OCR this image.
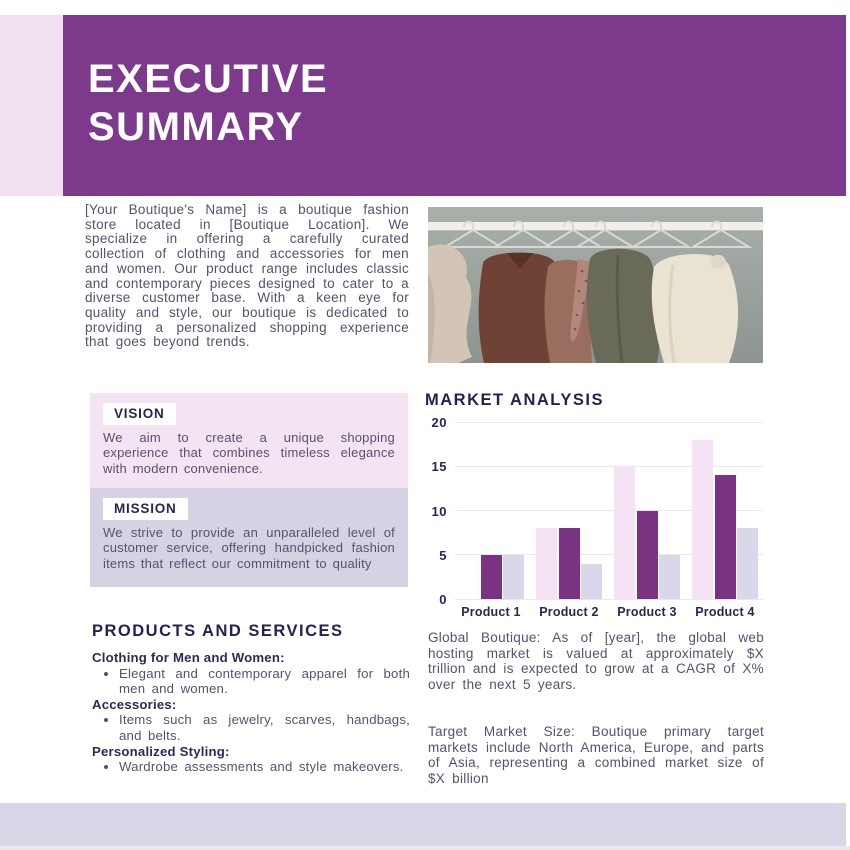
EXECUTIVE
SUMMARY
[Your Boutique's Name] is a boutique fashion store located in [Boutique Location]. We specialize in offering a carefully curated collection of clothing and accessories for men and women. Our product range includes classic and contemporary pieces designed to cater to a diverse customer base. With a keen eye for quality and style, our boutique is dedicated to providing a personalized shopping experience that goes beyond trends.
VISION
We aim to create a unique shopping experience that combines timeless elegance with modern convenience.
MISSION
We strive to provide an unparalleled level of customer service, offering handpicked fashion items that reflect our commitment to quality
PRODUCTS AND SERVICES
Clothing for Men and Women:
• Elegant and contemporary apparel for both men and women.
Accessories:
• Items such as jewelry, scarves, handbags, and belts.
Personalized Styling:
• Wardrobe assessments and style makeovers.
MARKET ANALYSIS
0
5
10
15
20
Product 1	Product 2	Product 3	Product 4
Global Boutique: As of [year], the global web hosting market is valued at approximately $X trillion and is expected to grow at a CAGR of X% over the next 5 years.
Target Market Size: Boutique primary target markets include North America, Europe, and parts of Asia, representing a combined market size of $X billion
